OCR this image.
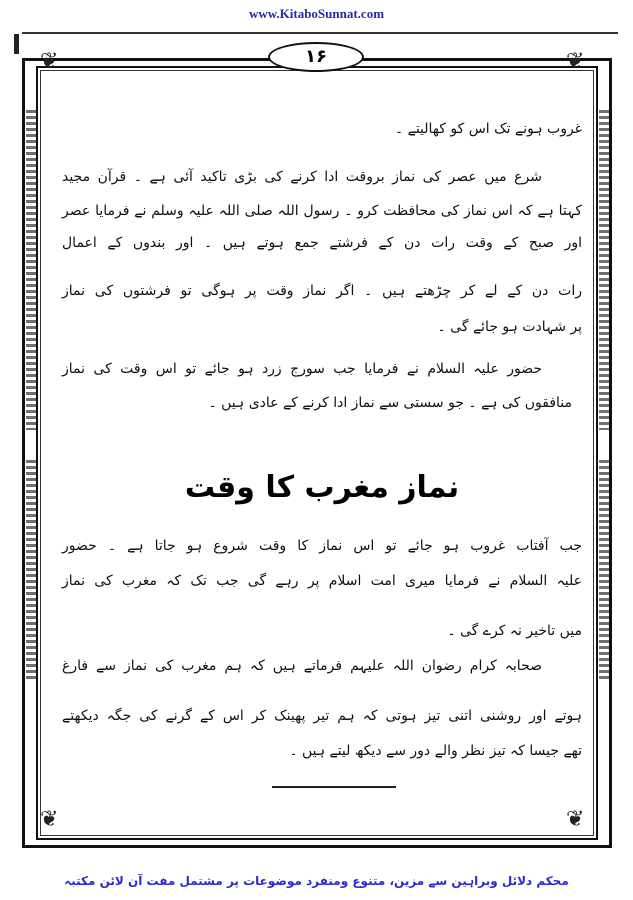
www.KitaboSunnat.com
❦	❦
❦	❦
۱۶
غروب ہونے تک اس کو کھالیتے ۔
شرع میں عصر کی نماز بروقت ادا کرنے کی بڑی تاکید آئی ہے ۔ قرآن مجید
کہتا ہے کہ اس نماز کی محافظت کرو ۔ رسول اللہ صلی اللہ علیہ وسلم نے فرمایا عصر
اور صبح کے وقت رات دن کے فرشتے جمع ہوتے ہیں ۔ اور بندوں کے اعمال
رات دن کے لے کر چڑھتے ہیں ۔ اگر نماز وقت پر ہوگی تو فرشتوں کی نماز
پر شہادت ہو جائے گی ۔
حضور علیہ السلام نے فرمایا جب سورج زرد ہو جائے تو اس وقت کی نماز
منافقوں کی ہے ۔ جو سستی سے نماز ادا کرنے کے عادی ہیں ۔
نماز مغرب کا وقت
جب آفتاب غروب ہو جائے تو اس نماز کا وقت شروع ہو جاتا ہے ۔ حضور
علیہ السلام نے فرمایا میری امت اسلام پر رہے گی جب تک کہ مغرب کی نماز
میں تاخیر نہ کرے گی ۔
صحابہ کرام رضوان اللہ علیہم فرماتے ہیں کہ ہم مغرب کی نماز سے فارغ
ہوتے اور روشنی اتنی تیز ہوتی کہ ہم تیر پھینک کر اس کے گرنے کی جگہ دیکھتے
تھے جیسا کہ تیز نظر والے دور سے دیکھ لیتے ہیں ۔
محکم دلائل وبراہین سے مزین، متنوع ومنفرد موضوعات پر مشتمل مفت آن لائن مکتبہ
